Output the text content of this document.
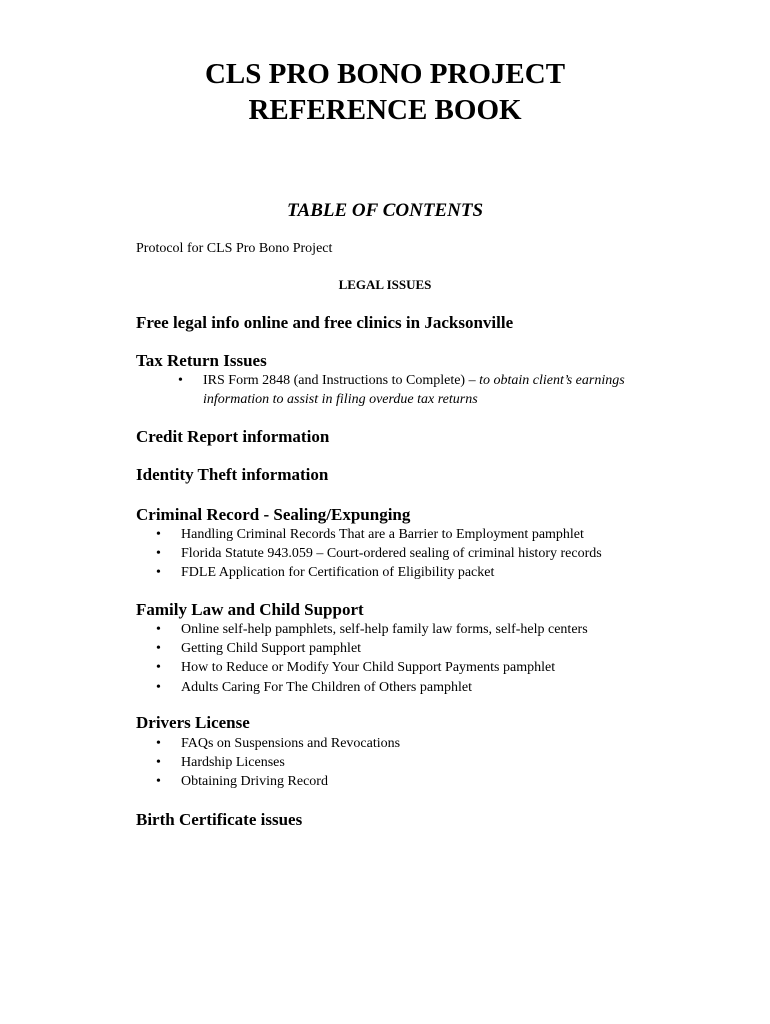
CLS PRO BONO PROJECT
REFERENCE BOOK
TABLE OF CONTENTS
Protocol for CLS Pro Bono Project
LEGAL ISSUES
Free legal info online and free clinics in Jacksonville
Tax Return Issues
• IRS Form 2848 (and Instructions to Complete) – to obtain client’s earnings information to assist in filing overdue tax returns
Credit Report information
Identity Theft information
Criminal Record - Sealing/Expunging
• Handling Criminal Records That are a Barrier to Employment pamphlet
• Florida Statute 943.059 – Court-ordered sealing of criminal history records
• FDLE Application for Certification of Eligibility packet
Family Law and Child Support
• Online self-help pamphlets, self-help family law forms, self-help centers
• Getting Child Support pamphlet
• How to Reduce or Modify Your Child Support Payments pamphlet
• Adults Caring For The Children of Others pamphlet
Drivers License
• FAQs on Suspensions and Revocations
• Hardship Licenses
• Obtaining Driving Record
Birth Certificate issues
